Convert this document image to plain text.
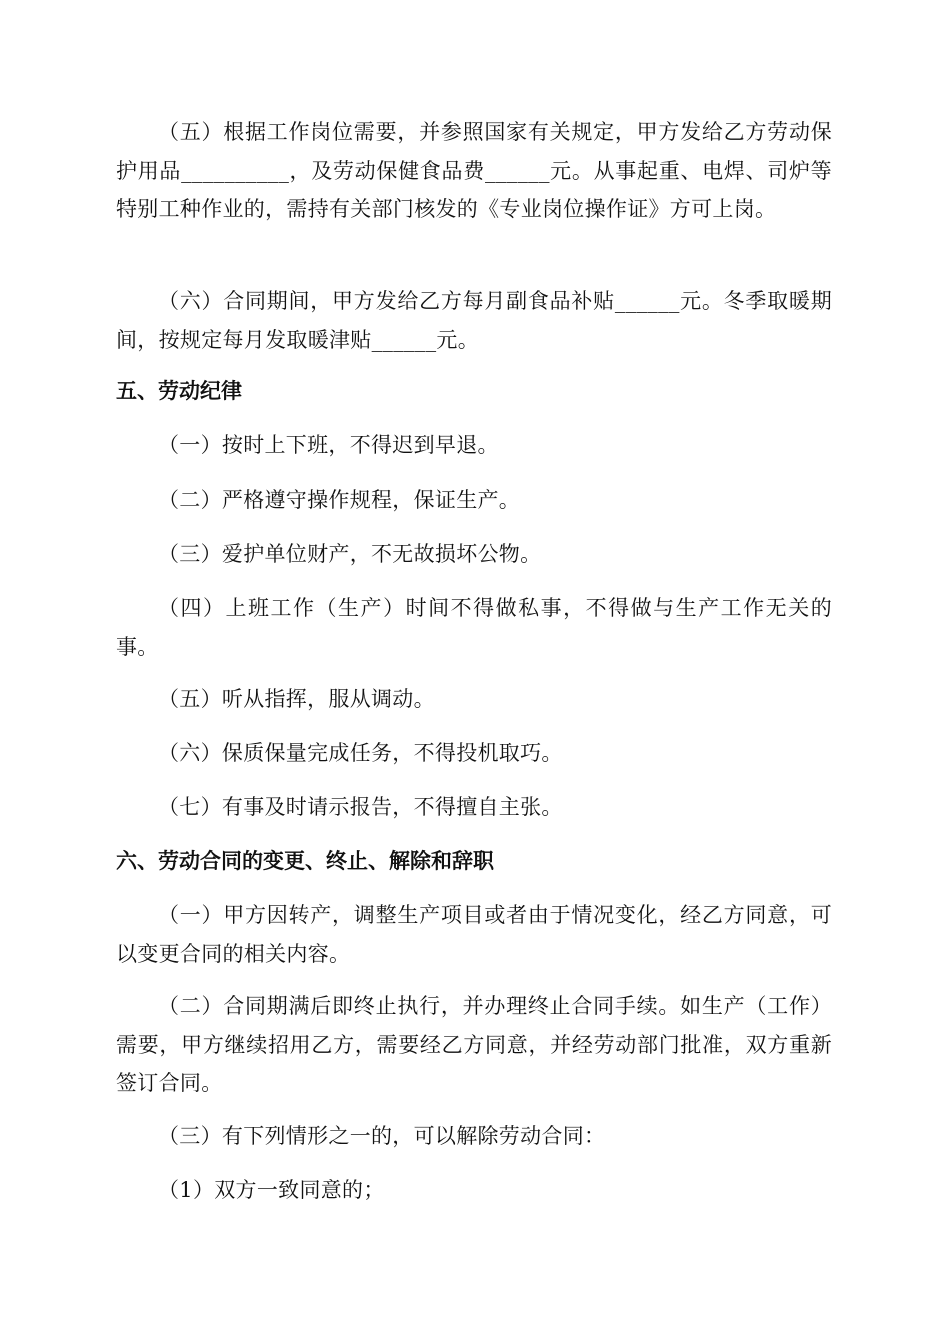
（五）根据工作岗位需要，并参照国家有关规定，甲方发给乙方劳动保护用品__________，及劳动保健食品费______元。从事起重、电焊、司炉等特别工种作业的，需持有关部门核发的《专业岗位操作证》方可上岗。

（六）合同期间，甲方发给乙方每月副食品补贴______元。冬季取暖期间，按规定每月发取暖津贴______元。

五、劳动纪律

（一）按时上下班，不得迟到早退。

（二）严格遵守操作规程，保证生产。

（三）爱护单位财产，不无故损坏公物。

（四）上班工作（生产）时间不得做私事，不得做与生产工作无关的事。

（五）听从指挥，服从调动。

（六）保质保量完成任务，不得投机取巧。

（七）有事及时请示报告，不得擅自主张。

六、劳动合同的变更、终止、解除和辞职

（一）甲方因转产，调整生产项目或者由于情况变化，经乙方同意，可以变更合同的相关内容。

（二）合同期满后即终止执行，并办理终止合同手续。如生产（工作）需要，甲方继续招用乙方，需要经乙方同意，并经劳动部门批准，双方重新签订合同。

（三）有下列情形之一的，可以解除劳动合同：

（1）双方一致同意的；
